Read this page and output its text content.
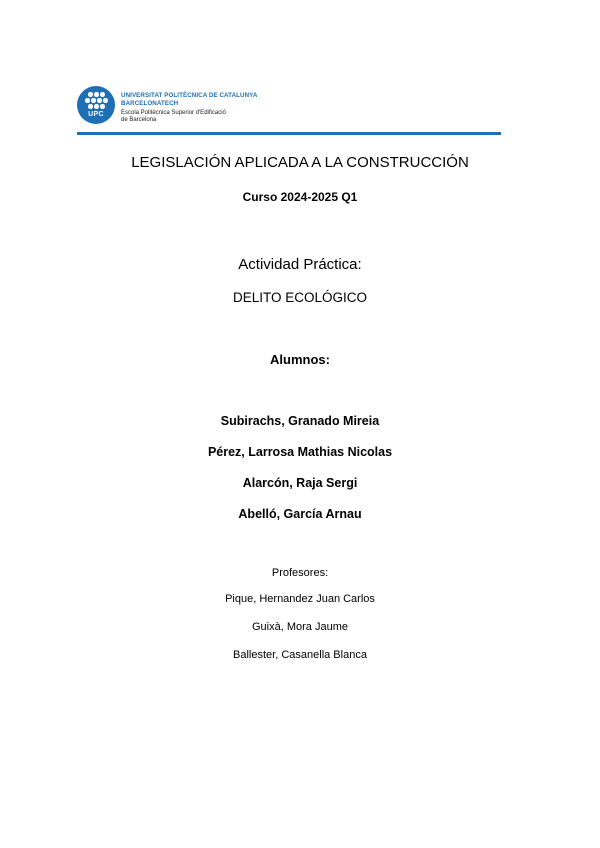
UPC
UNIVERSITAT POLITÈCNICA DE CATALUNYA
BARCELONATECH
Escola Politècnica Superior d'Edificació
de Barcelona
LEGISLACIÓN APLICADA A LA CONSTRUCCIÓN
Curso 2024-2025 Q1
Actividad Práctica:
DELITO ECOLÓGICO
Alumnos:
Subirachs, Granado Mireia
Pérez, Larrosa Mathias Nicolas
Alarcón, Raja Sergi
Abelló, García Arnau
Profesores:
Pique, Hernandez Juan Carlos
Guixà, Mora Jaume
Ballester, Casanella Blanca
